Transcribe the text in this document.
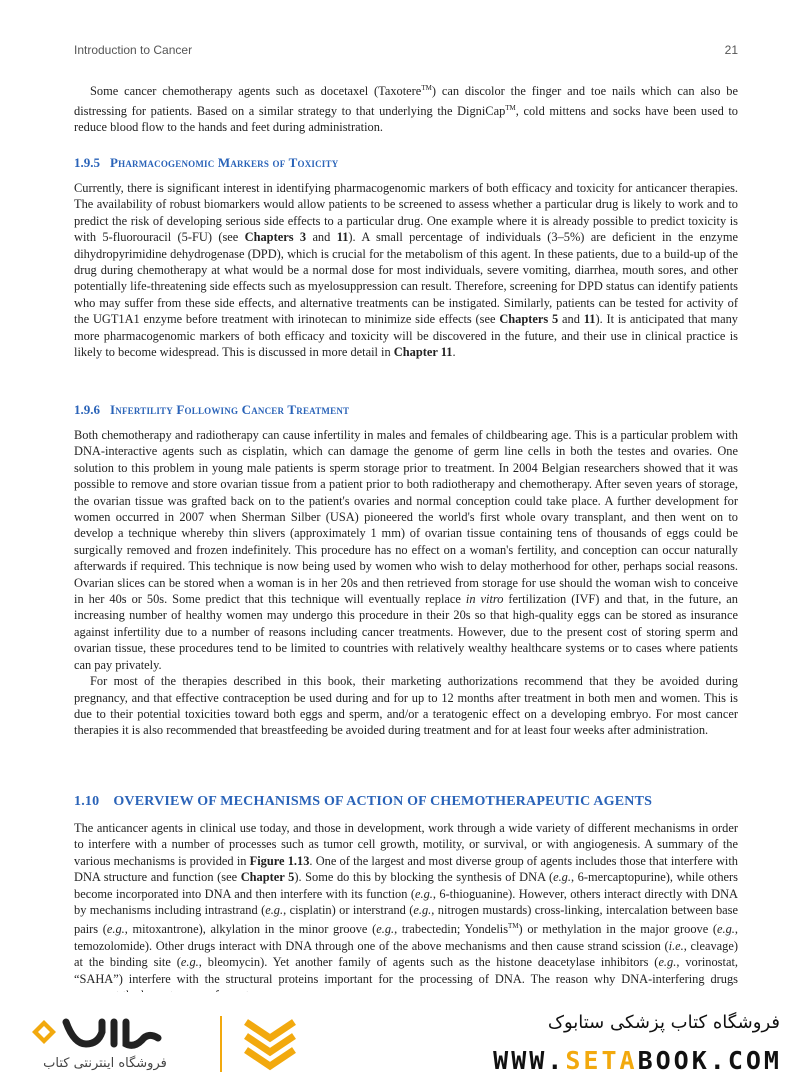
Introduction to Cancer	21

Some cancer chemotherapy agents such as docetaxel (Taxotere™) can discolor the finger and toe nails which can also be distressing for patients. Based on a similar strategy to that underlying the DigniCap™, cold mittens and socks have been used to reduce blood flow to the hands and feet during administration.

1.9.5 Pharmacogenomic Markers of Toxicity

Currently, there is significant interest in identifying pharmacogenomic markers of both efficacy and toxicity for anticancer therapies. The availability of robust biomarkers would allow patients to be screened to assess whether a particular drug is likely to work and to predict the risk of developing serious side effects to a particular drug. One example where it is already possible to predict toxicity is with 5-fluorouracil (5-FU) (see Chapters 3 and 11). A small percentage of individuals (3–5%) are deficient in the enzyme dihydropyrimidine dehydrogenase (DPD), which is crucial for the metabolism of this agent. In these patients, due to a build-up of the drug during chemotherapy at what would be a normal dose for most individuals, severe vomiting, diarrhea, mouth sores, and other potentially life-threatening side effects such as myelosuppression can result. Therefore, screening for DPD status can identify patients who may suffer from these side effects, and alternative treatments can be instigated. Similarly, patients can be tested for activity of the UGT1A1 enzyme before treatment with irinotecan to minimize side effects (see Chapters 5 and 11). It is anticipated that many more pharmacogenomic markers of both efficacy and toxicity will be discovered in the future, and their use in clinical practice is likely to become widespread. This is discussed in more detail in Chapter 11.

1.9.6 Infertility Following Cancer Treatment

Both chemotherapy and radiotherapy can cause infertility in males and females of childbearing age. This is a particular problem with DNA-interactive agents such as cisplatin, which can damage the genome of germ line cells in both the testes and ovaries. One solution to this problem in young male patients is sperm storage prior to treatment. In 2004 Belgian researchers showed that it was possible to remove and store ovarian tissue from a patient prior to both radiotherapy and chemotherapy. After seven years of storage, the ovarian tissue was grafted back on to the patient's ovaries and normal conception could take place. A further development for women occurred in 2007 when Sherman Silber (USA) pioneered the world's first whole ovary transplant, and then went on to develop a technique whereby thin slivers (approximately 1 mm) of ovarian tissue containing tens of thousands of eggs could be surgically removed and frozen indefinitely. This procedure has no effect on a woman's fertility, and conception can occur naturally afterwards if required. This technique is now being used by women who wish to delay motherhood for other, perhaps social reasons. Ovarian slices can be stored when a woman is in her 20s and then retrieved from storage for use should the woman wish to conceive in her 40s or 50s. Some predict that this technique will eventually replace in vitro fertilization (IVF) and that, in the future, an increasing number of healthy women may undergo this procedure in their 20s so that high-quality eggs can be stored as insurance against infertility due to a number of reasons including cancer treatments. However, due to the present cost of storing sperm and ovarian tissue, these procedures tend to be limited to countries with relatively wealthy healthcare systems or to cases where patients can pay privately.

For most of the therapies described in this book, their marketing authorizations recommend that they be avoided during pregnancy, and that effective contraception be used during and for up to 12 months after treatment in both men and women. This is due to their potential toxicities toward both eggs and sperm, and/or a teratogenic effect on a developing embryo. For most cancer therapies it is also recommended that breastfeeding be avoided during treatment and for at least four weeks after administration.

1.10 OVERVIEW OF MECHANISMS OF ACTION OF CHEMOTHERAPEUTIC AGENTS

The anticancer agents in clinical use today, and those in development, work through a wide variety of different mechanisms in order to interfere with a number of processes such as tumor cell growth, motility, or survival, or with angiogenesis. A summary of the various mechanisms is provided in Figure 1.13. One of the largest and most diverse group of agents includes those that interfere with DNA structure and function (see Chapter 5). Some do this by blocking the synthesis of DNA (e.g., 6-mercaptopurine), while others become incorporated into DNA and then interfere with its function (e.g., 6-thioguanine). However, others interact directly with DNA by mechanisms including intrastrand (e.g., cisplatin) or interstrand (e.g., nitrogen mustards) cross-linking, intercalation between base pairs (e.g., mitoxantrone), alkylation in the minor groove (e.g., trabectedin; Yondelis™) or methylation in the major groove (e.g., temozolomide). Other drugs interact with DNA through one of the above mechanisms and then cause strand scission (i.e., cleavage) at the binding site (e.g., bleomycin). Yet another family of agents such as the histone deacetylase inhibitors (e.g., vorinostat, “SAHA”) interfere with the structural proteins important for the processing of DNA. The reason why DNA-interfering drugs

فروشگاه اینترنتی کتاب
فروشگاه کتاب پزشکی ستابوک
WWW.SETABOOK.COM
